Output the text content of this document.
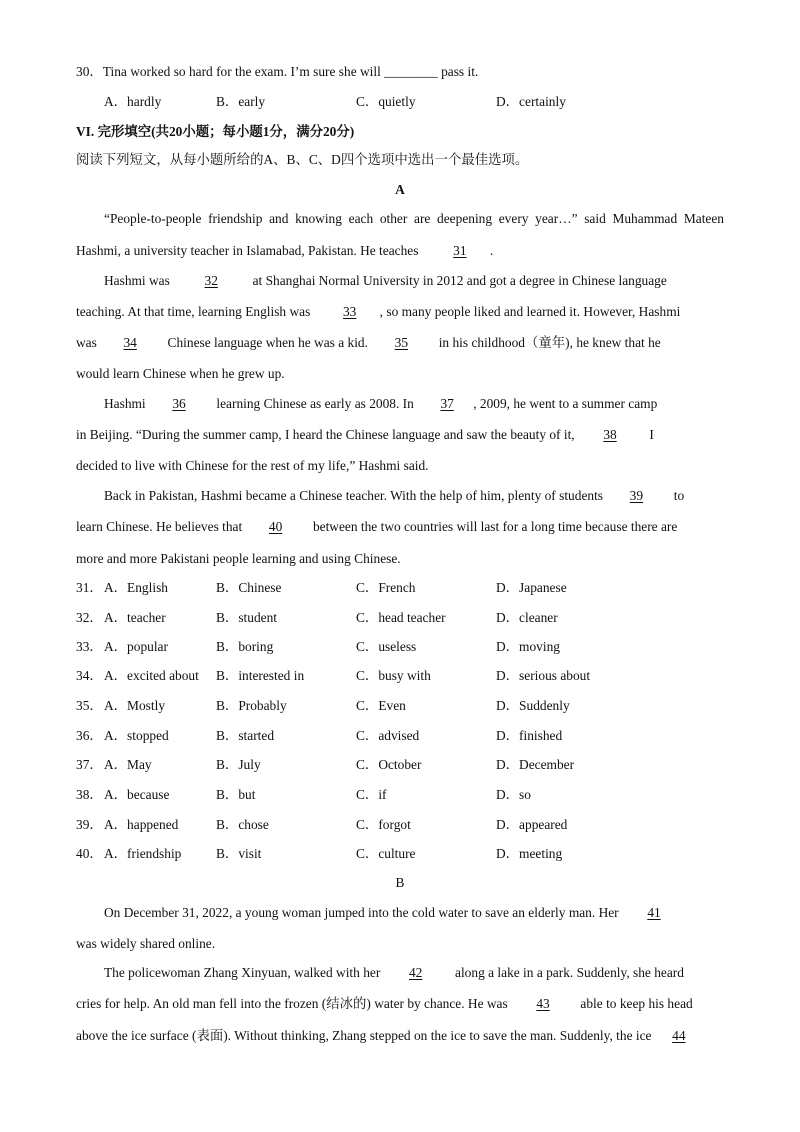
30．Tina worked so hard for the exam. I’m sure she will ________ pass it.
A．hardly	B．early	C．quietly	D．certainly
VI. 完形填空(共20小题；每小题1分，满分20分)
阅读下列短文，从每小题所给的A、B、C、D四个选项中选出一个最佳选项。
A
“People-to-people friendship and knowing each other are deepening every year…” said Muhammad Mateen
Hashmi, a university teacher in Islamabad, Pakistan. He teaches	31 .
Hashmi was	32	at Shanghai Normal University in 2012 and got a degree in Chinese language
teaching. At that time, learning English was 33 , so many people liked and learned it. However, Hashmi
was 34 Chinese language when he was a kid. 35 in his childhood（童年), he knew that he
would learn Chinese when he grew up.
Hashmi 36 learning Chinese as early as 2008. In 37 , 2009, he went to a summer camp
in Beijing. “During the summer camp, I heard the Chinese language and saw the beauty of it, 38 I
decided to live with Chinese for the rest of my life,” Hashmi said.
Back in Pakistan, Hashmi became a Chinese teacher. With the help of him, plenty of students 39 to
learn Chinese. He believes that 40 between the two countries will last for a long time because there are
more and more Pakistani people learning and using Chinese.
31． A．English	B．Chinese	C．French	D．Japanese
32． A．teacher	B．student	C．head teacher	D．cleaner
33． A．popular	B．boring	C．useless	D．moving
34． A．excited about B．interested in	C．busy with	D．serious about
35． A．Mostly	B．Probably	C．Even	D．Suddenly
36． A．stopped	B．started	C．advised	D．finished
37． A．May	B．July	C．October	D．December
38． A．because	B．but	C．if	D．so
39． A．happened	B．chose	C．forgot	D．appeared
40． A．friendship	B．visit	C．culture	D．meeting
B
On December 31, 2022, a young woman jumped into the cold water to save an elderly man. Her 41
was widely shared online.
The policewoman Zhang Xinyuan, walked with her 42 along a lake in a park. Suddenly, she heard
cries for help. An old man fell into the frozen (结冰的) water by chance. He was 43 able to keep his head
above the ice surface (表面). Without thinking, Zhang stepped on the ice to save the man. Suddenly, the ice 44
